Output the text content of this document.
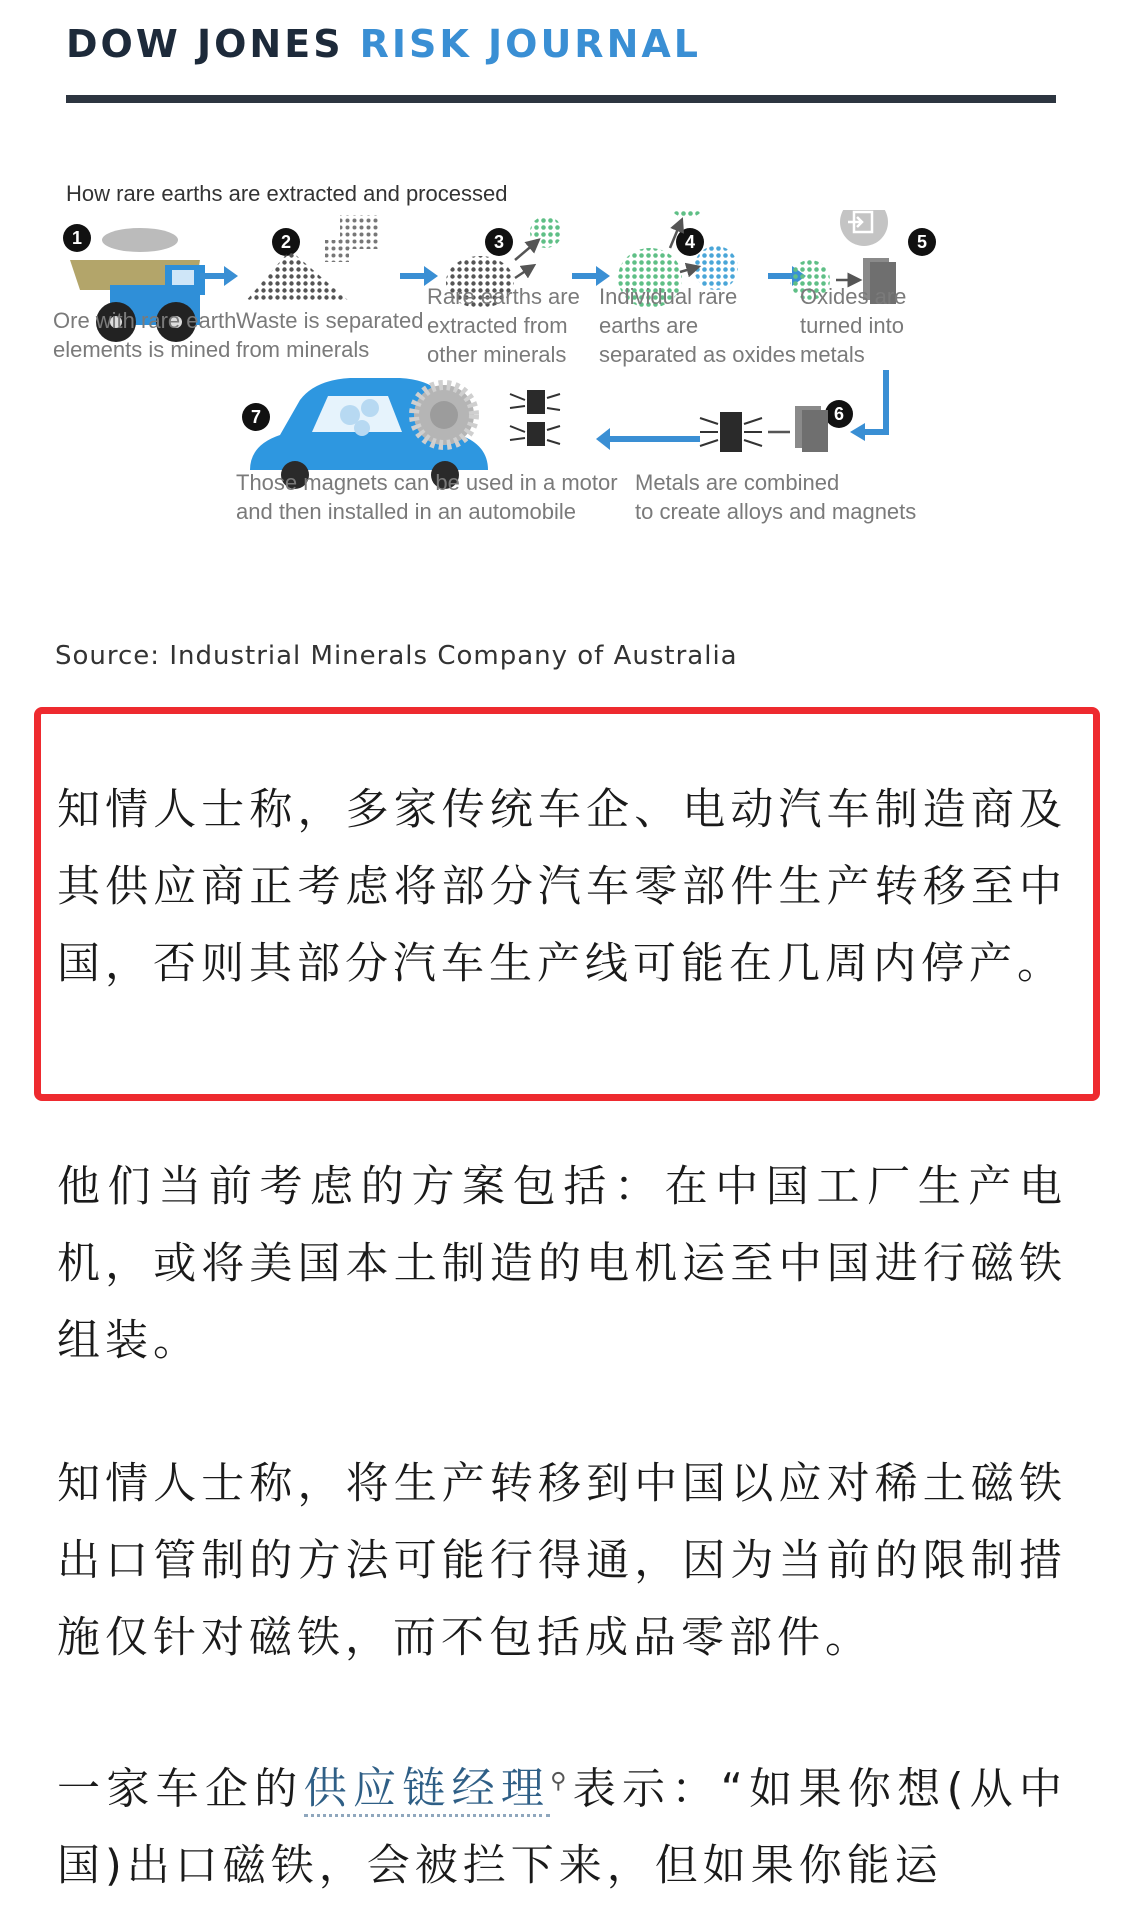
DOW JONES RISK JOURNAL
How rare earths are extracted and processed
1	2	3	4	5
6
7
Ore with rare earth
elements is mined
Waste is separated
from minerals
Rare earths are
extracted from
other minerals
Individual rare
earths are
separated as oxides
Oxides are
turned into
metals
Metals are combined
to create alloys and magnets
Those magnets can be used in a motor
and then installed in an automobile
Source: Industrial Minerals Company of Australia
知情人士称，多家传统车企、电动汽车制造商及其供应商正考虑将部分汽车零部件生产转移至中国，否则其部分汽车生产线可能在几周内停产。
他们当前考虑的方案包括：在中国工厂生产电机，或将美国本土制造的电机运至中国进行磁铁组装。
知情人士称，将生产转移到中国以应对稀土磁铁出口管制的方法可能行得通，因为当前的限制措施仅针对磁铁，而不包括成品零部件。
一家车企的供应链经理⚲表示：“如果你想(从中国)出口磁铁，会被拦下来，但如果你能运
